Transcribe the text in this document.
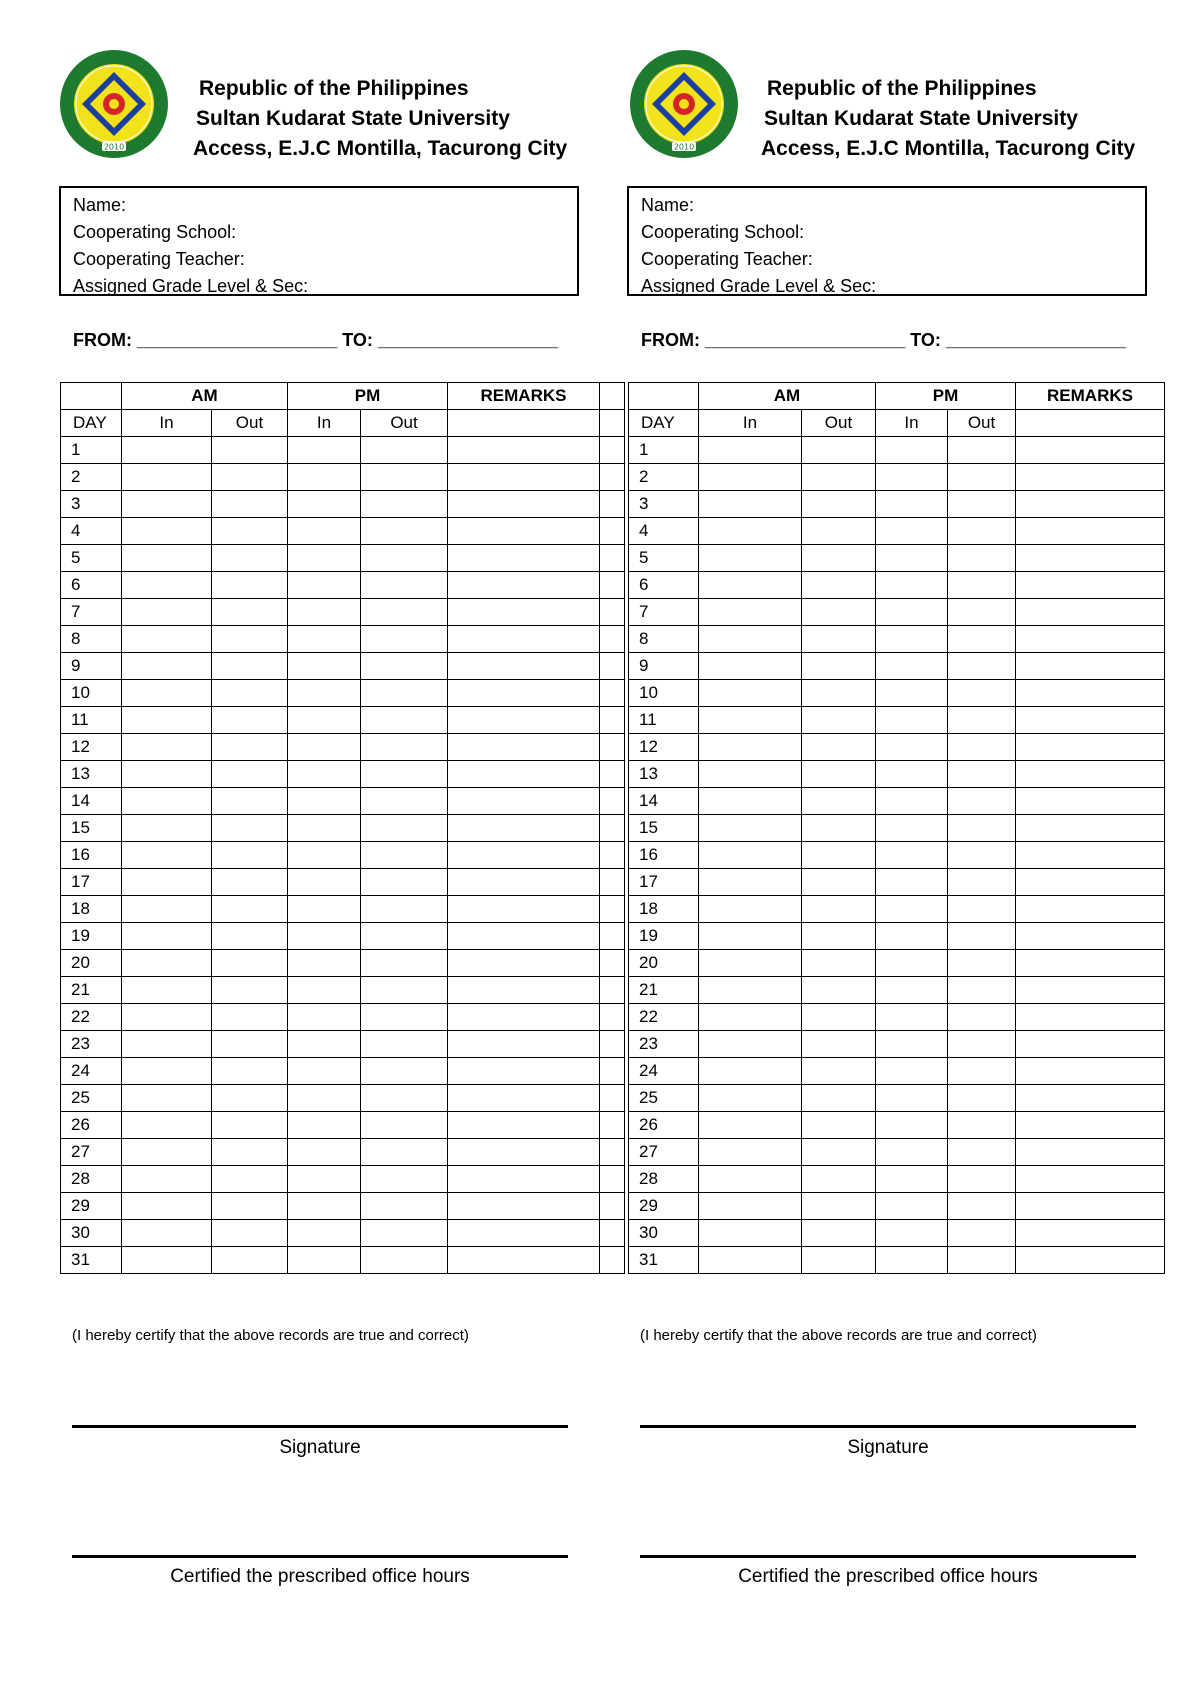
2010
Republic of the Philippines
Sultan Kudarat State University
Access, E.J.C Montilla, Tacurong City
Name:
Cooperating School:
Cooperating Teacher:
Assigned Grade Level & Sec:
FROM: ____________________ TO: __________________
	AM		PM		REMARKS	
DAY	In	Out	In	Out		
1						
2						
3						
4						
5						
6						
7						
8						
9						
10						
11						
12						
13						
14						
15						
16						
17						
18						
19						
20						
21						
22						
23						
24						
25						
26						
27						
28						
29						
30						
31						
(I hereby certify that the above records are true and correct)
Signature
Certified the prescribed office hours
2010
Republic of the Philippines
Sultan Kudarat State University
Access, E.J.C Montilla, Tacurong City
Name:
Cooperating School:
Cooperating Teacher:
Assigned Grade Level & Sec:
FROM: ____________________ TO: __________________
	AM		PM		REMARKS
DAY	In	Out	In	Out	
1					
2					
3					
4					
5					
6					
7					
8					
9					
10					
11					
12					
13					
14					
15					
16					
17					
18					
19					
20					
21					
22					
23					
24					
25					
26					
27					
28					
29					
30					
31					
(I hereby certify that the above records are true and correct)
Signature
Certified the prescribed office hours
